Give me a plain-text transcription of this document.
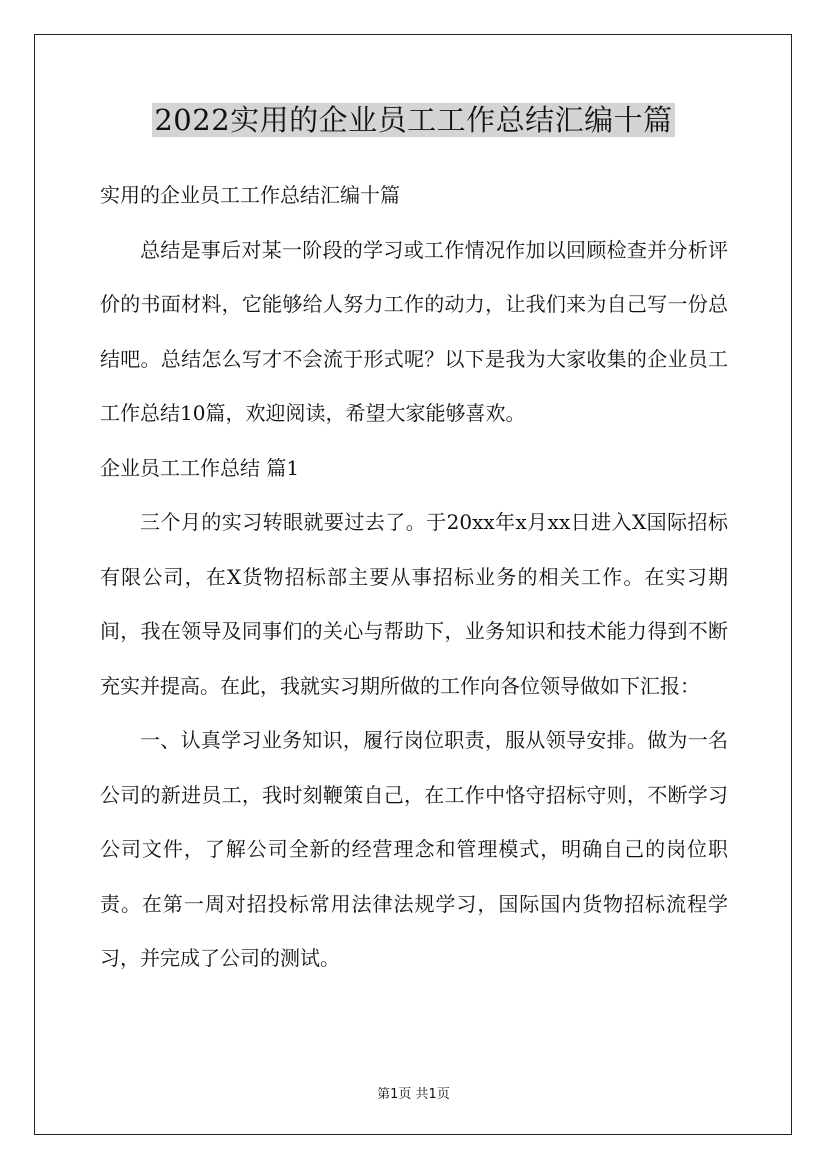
2022实用的企业员工工作总结汇编十篇

实用的企业员工工作总结汇编十篇

总结是事后对某一阶段的学习或工作情况作加以回顾检查并分析评价的书面材料，它能够给人努力工作的动力，让我们来为自己写一份总结吧。总结怎么写才不会流于形式呢？以下是我为大家收集的企业员工工作总结10篇，欢迎阅读，希望大家能够喜欢。

企业员工工作总结 篇1

三个月的实习转眼就要过去了。于20xx年x月xx日进入X国际招标有限公司，在X货物招标部主要从事招标业务的相关工作。在实习期间，我在领导及同事们的关心与帮助下，业务知识和技术能力得到不断充实并提高。在此，我就实习期所做的工作向各位领导做如下汇报：

一、认真学习业务知识，履行岗位职责，服从领导安排。做为一名公司的新进员工，我时刻鞭策自己，在工作中恪守招标守则，不断学习公司文件，了解公司全新的经营理念和管理模式，明确自己的岗位职责。在第一周对招投标常用法律法规学习，国际国内货物招标流程学习，并完成了公司的测试。

第1页 共1页
